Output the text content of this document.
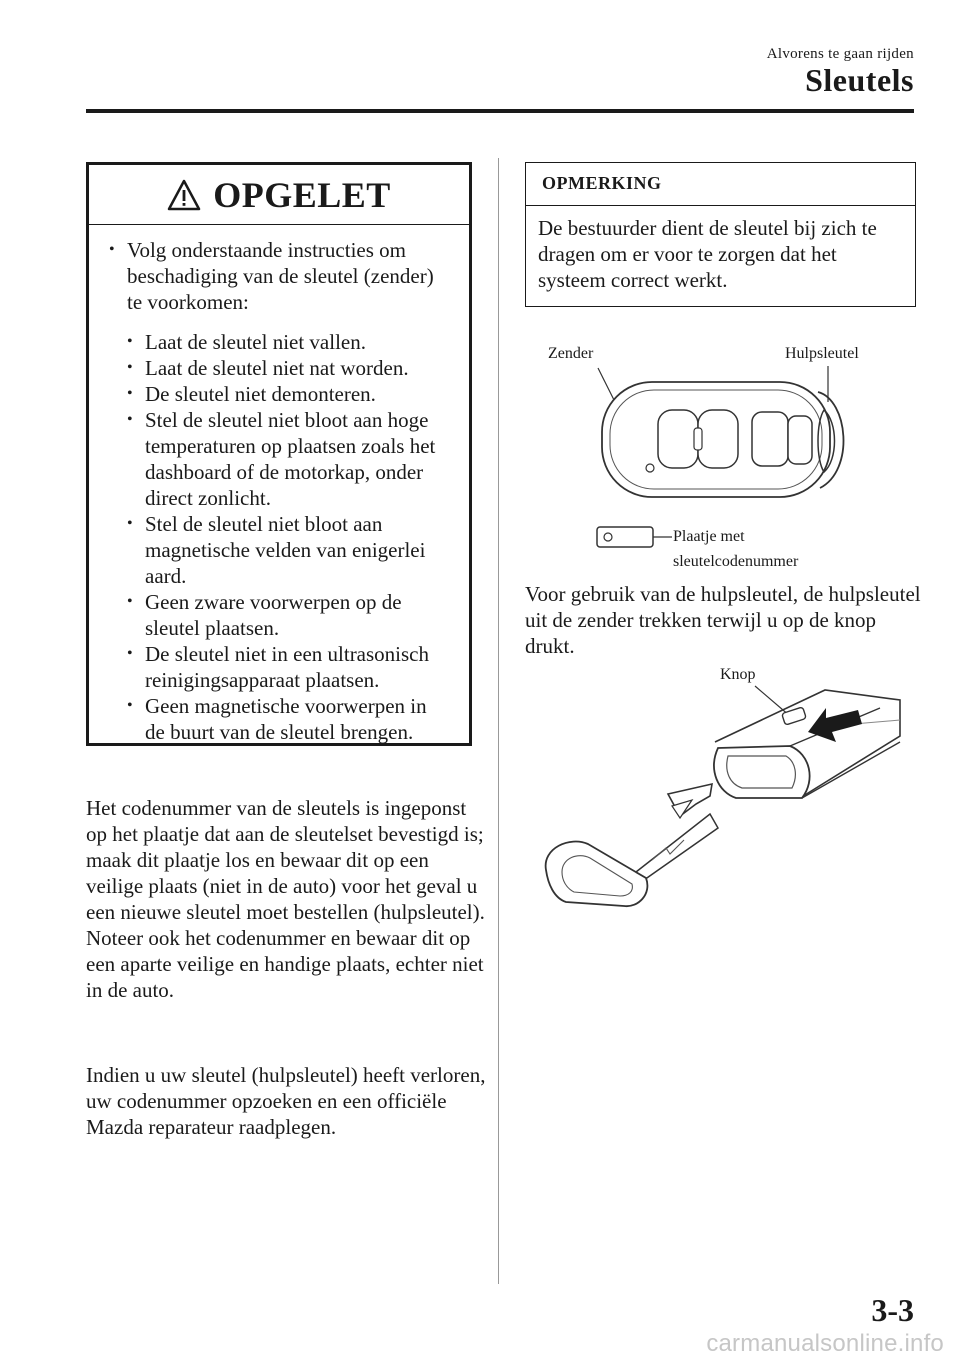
Alvorens te gaan rijden
Sleutels
OPGELET
• Volg onderstaande instructies om beschadiging van de sleutel (zender) te voorkomen:
• Laat de sleutel niet vallen.
• Laat de sleutel niet nat worden.
• De sleutel niet demonteren.
• Stel de sleutel niet bloot aan hoge temperaturen op plaatsen zoals het dashboard of de motorkap, onder direct zonlicht.
• Stel de sleutel niet bloot aan magnetische velden van enigerlei aard.
• Geen zware voorwerpen op de sleutel plaatsen.
• De sleutel niet in een ultrasonisch reinigingsapparaat plaatsen.
• Geen magnetische voorwerpen in de buurt van de sleutel brengen.
Het codenummer van de sleutels is ingeponst op het plaatje dat aan de sleutelset bevestigd is; maak dit plaatje los en bewaar dit op een veilige plaats (niet in de auto) voor het geval u een nieuwe sleutel moet bestellen (hulpsleutel). Noteer ook het codenummer en bewaar dit op een aparte veilige en handige plaats, echter niet in de auto.
Indien u uw sleutel (hulpsleutel) heeft verloren, uw codenummer opzoeken en een officiële Mazda reparateur raadplegen.
OPMERKING
De bestuurder dient de sleutel bij zich te dragen om er voor te zorgen dat het systeem correct werkt.
Zender	Hulpsleutel
Plaatje met
sleutelcodenummer
Voor gebruik van de hulpsleutel, de hulpsleutel uit de zender trekken terwijl u op de knop drukt.
Knop
3-3
carmanualsonline.info
